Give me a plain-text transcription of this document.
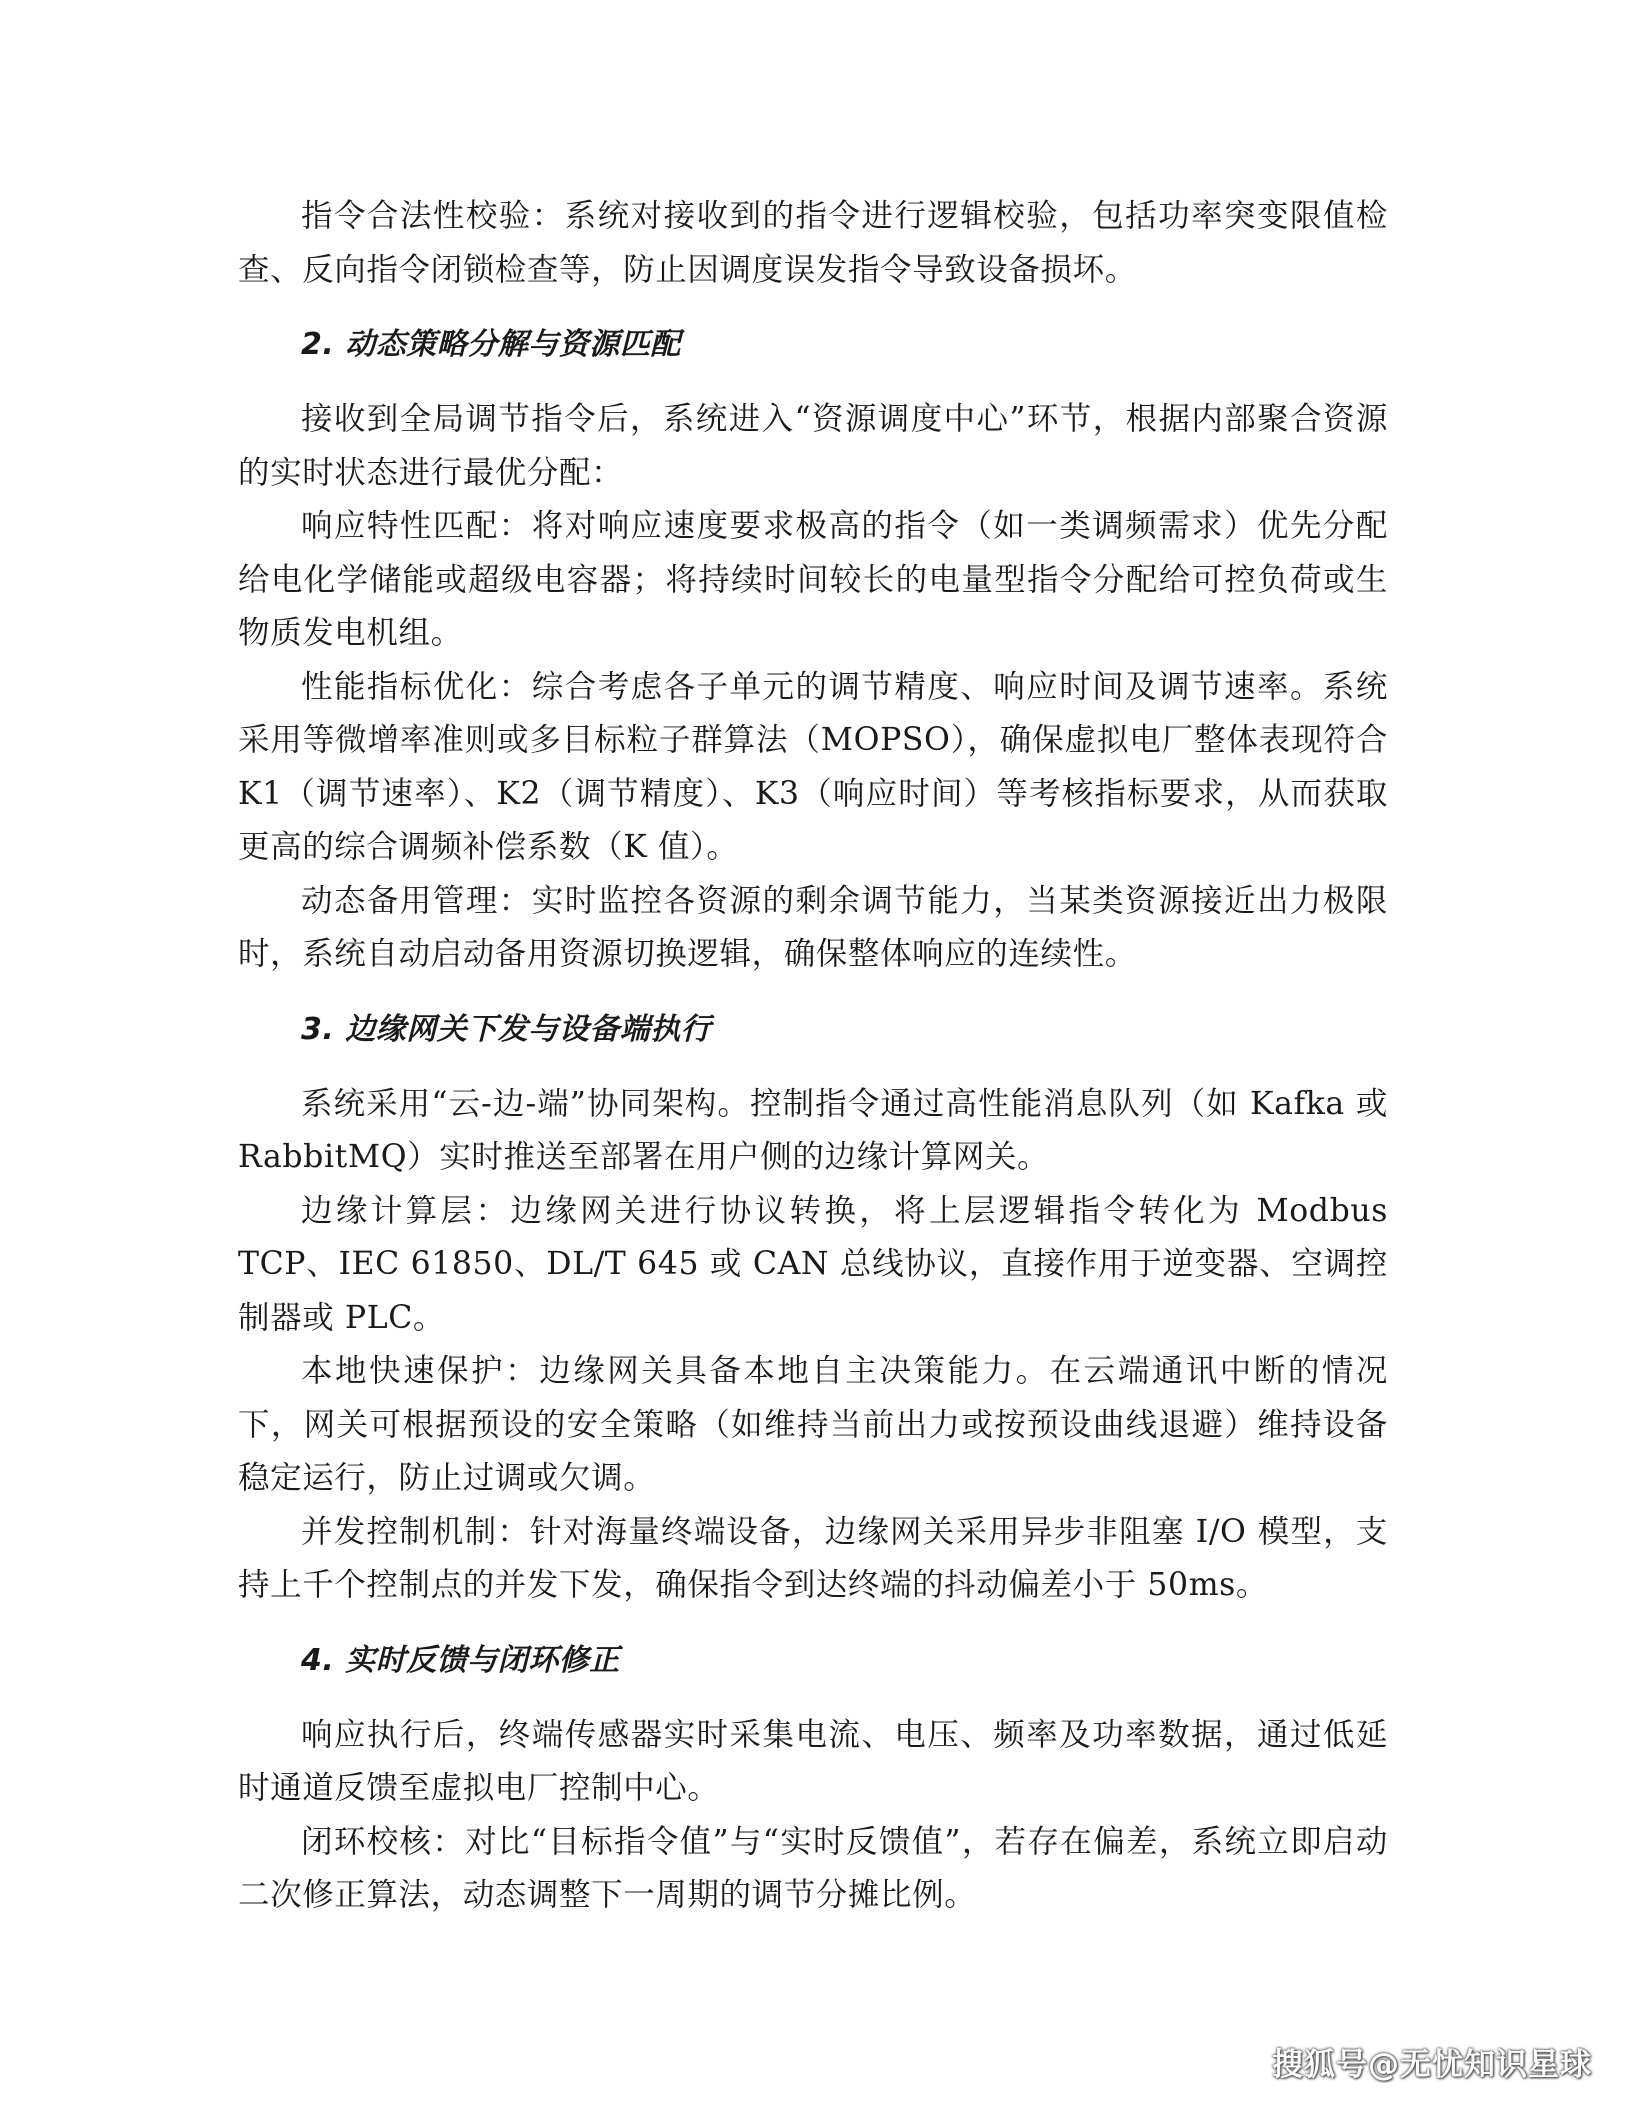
指令合法性校验：系统对接收到的指令进行逻辑校验，包括功率突变限值检查、反向指令闭锁检查等，防止因调度误发指令导致设备损坏。

2. 动态策略分解与资源匹配

接收到全局调节指令后，系统进入“资源调度中心”环节，根据内部聚合资源的实时状态进行最优分配：

响应特性匹配：将对响应速度要求极高的指令（如一类调频需求）优先分配给电化学储能或超级电容器；将持续时间较长的电量型指令分配给可控负荷或生物质发电机组。

性能指标优化：综合考虑各子单元的调节精度、响应时间及调节速率。系统采用等微增率准则或多目标粒子群算法（MOPSO），确保虚拟电厂整体表现符合 K1（调节速率）、K2（调节精度）、K3（响应时间）等考核指标要求，从而获取更高的综合调频补偿系数（K 值）。

动态备用管理：实时监控各资源的剩余调节能力，当某类资源接近出力极限时，系统自动启动备用资源切换逻辑，确保整体响应的连续性。

3. 边缘网关下发与设备端执行

系统采用“云-边-端”协同架构。控制指令通过高性能消息队列（如 Kafka 或 RabbitMQ）实时推送至部署在用户侧的边缘计算网关。

边缘计算层：边缘网关进行协议转换，将上层逻辑指令转化为 Modbus TCP、IEC 61850、DL/T 645 或 CAN 总线协议，直接作用于逆变器、空调控制器或 PLC。

本地快速保护：边缘网关具备本地自主决策能力。在云端通讯中断的情况下，网关可根据预设的安全策略（如维持当前出力或按预设曲线退避）维持设备稳定运行，防止过调或欠调。

并发控制机制：针对海量终端设备，边缘网关采用异步非阻塞 I/O 模型，支持上千个控制点的并发下发，确保指令到达终端的抖动偏差小于 50ms。

4. 实时反馈与闭环修正

响应执行后，终端传感器实时采集电流、电压、频率及功率数据，通过低延时通道反馈至虚拟电厂控制中心。

闭环校核：对比“目标指令值”与“实时反馈值”，若存在偏差，系统立即启动二次修正算法，动态调整下一周期的调节分摊比例。

搜狐号@无忧知识星球
